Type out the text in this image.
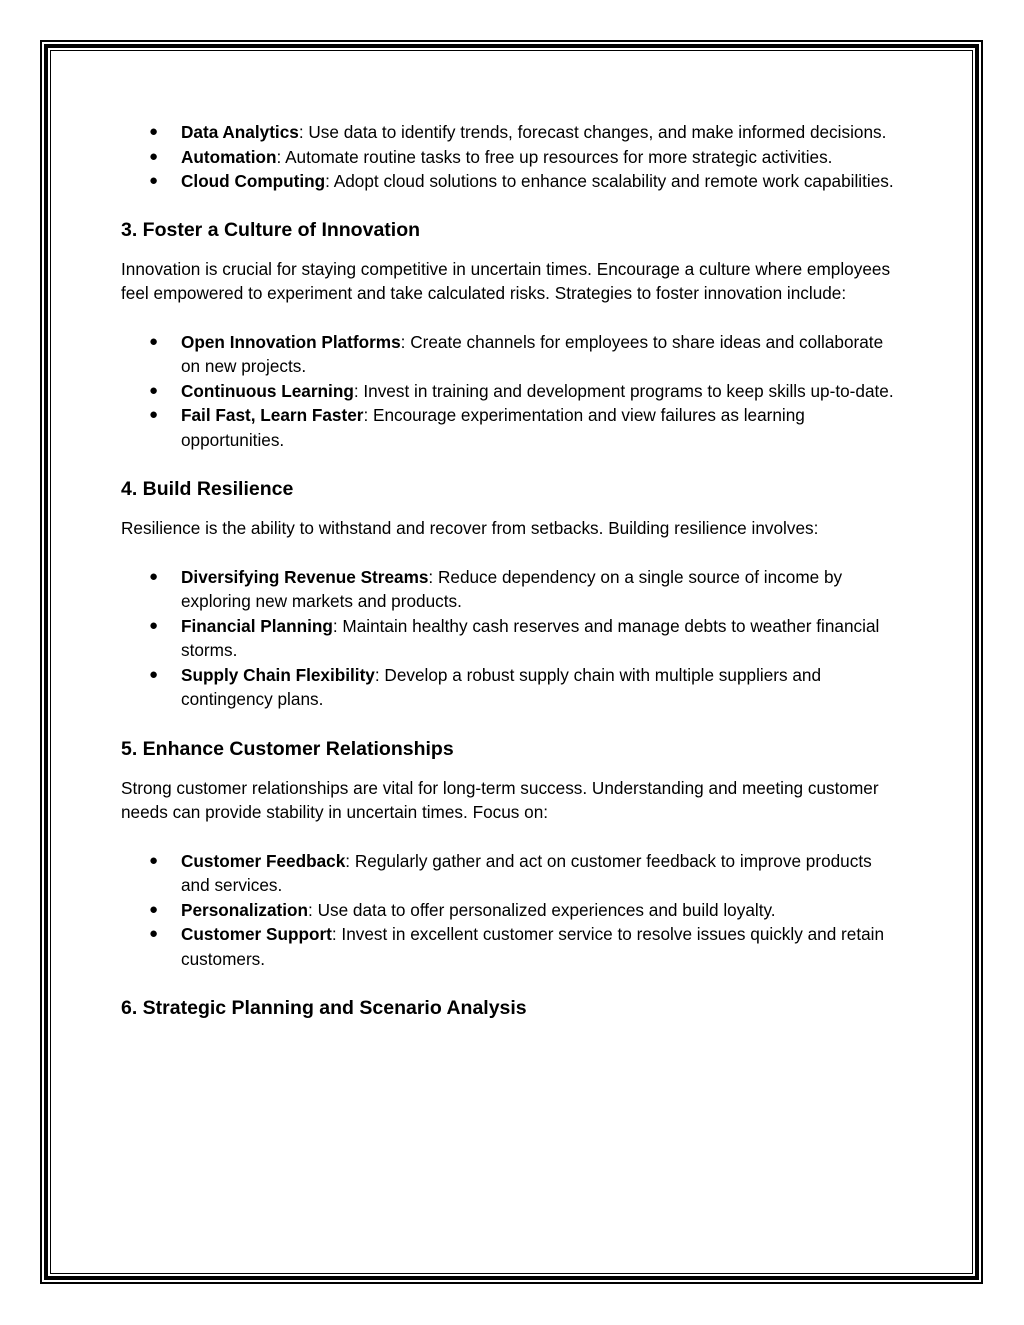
● Data Analytics: Use data to identify trends, forecast changes, and make informed decisions.
● Automation: Automate routine tasks to free up resources for more strategic activities.
● Cloud Computing: Adopt cloud solutions to enhance scalability and remote work capabilities.
3. Foster a Culture of Innovation

Innovation is crucial for staying competitive in uncertain times. Encourage a culture where employees feel empowered to experiment and take calculated risks. Strategies to foster innovation include:

● Open Innovation Platforms: Create channels for employees to share ideas and collaborate on new projects.
● Continuous Learning: Invest in training and development programs to keep skills up-to-date.
● Fail Fast, Learn Faster: Encourage experimentation and view failures as learning opportunities.
4. Build Resilience

Resilience is the ability to withstand and recover from setbacks. Building resilience involves:

● Diversifying Revenue Streams: Reduce dependency on a single source of income by exploring new markets and products.
● Financial Planning: Maintain healthy cash reserves and manage debts to weather financial storms.
● Supply Chain Flexibility: Develop a robust supply chain with multiple suppliers and contingency plans.
5. Enhance Customer Relationships

Strong customer relationships are vital for long-term success. Understanding and meeting customer needs can provide stability in uncertain times. Focus on:

● Customer Feedback: Regularly gather and act on customer feedback to improve products and services.
● Personalization: Use data to offer personalized experiences and build loyalty.
● Customer Support: Invest in excellent customer service to resolve issues quickly and retain customers.
6. Strategic Planning and Scenario Analysis
